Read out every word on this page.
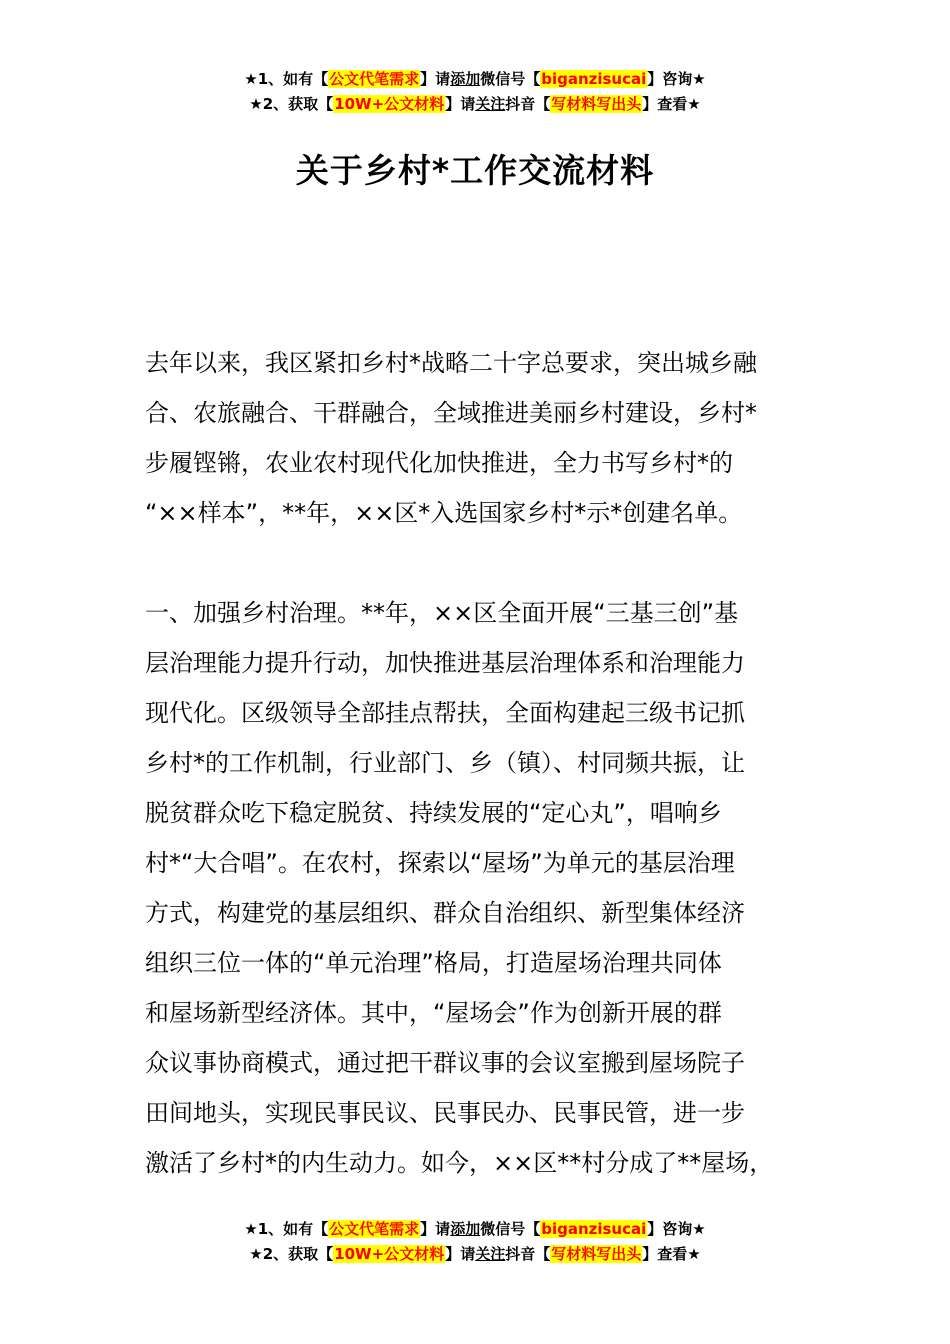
★1、如有【公文代笔需求】请添加微信号【biganzisucai】咨询★
★2、获取【10W+公文材料】请关注抖音【写材料写出头】查看★
关于乡村*工作交流材料
去年以来，我区紧扣乡村*战略二十字总要求，突出城乡融
合、农旅融合、干群融合，全域推进美丽乡村建设，乡村*
步履铿锵，农业农村现代化加快推进，全力书写乡村*的
“××样本”，**年，××区*入选国家乡村*示*创建名单。
一、加强乡村治理。**年，××区全面开展“三基三创”基
层治理能力提升行动，加快推进基层治理体系和治理能力
现代化。区级领导全部挂点帮扶，全面构建起三级书记抓
乡村*的工作机制，行业部门、乡（镇）、村同频共振，让
脱贫群众吃下稳定脱贫、持续发展的“定心丸”，唱响乡
村*“大合唱”。在农村，探索以“屋场”为单元的基层治理
方式，构建党的基层组织、群众自治组织、新型集体经济
组织三位一体的“单元治理”格局，打造屋场治理共同体
和屋场新型经济体。其中，“屋场会”作为创新开展的群
众议事协商模式，通过把干群议事的会议室搬到屋场院子
田间地头，实现民事民议、民事民办、民事民管，进一步
激活了乡村*的内生动力。如今，××区**村分成了**屋场，
★1、如有【公文代笔需求】请添加微信号【biganzisucai】咨询★
★2、获取【10W+公文材料】请关注抖音【写材料写出头】查看★
